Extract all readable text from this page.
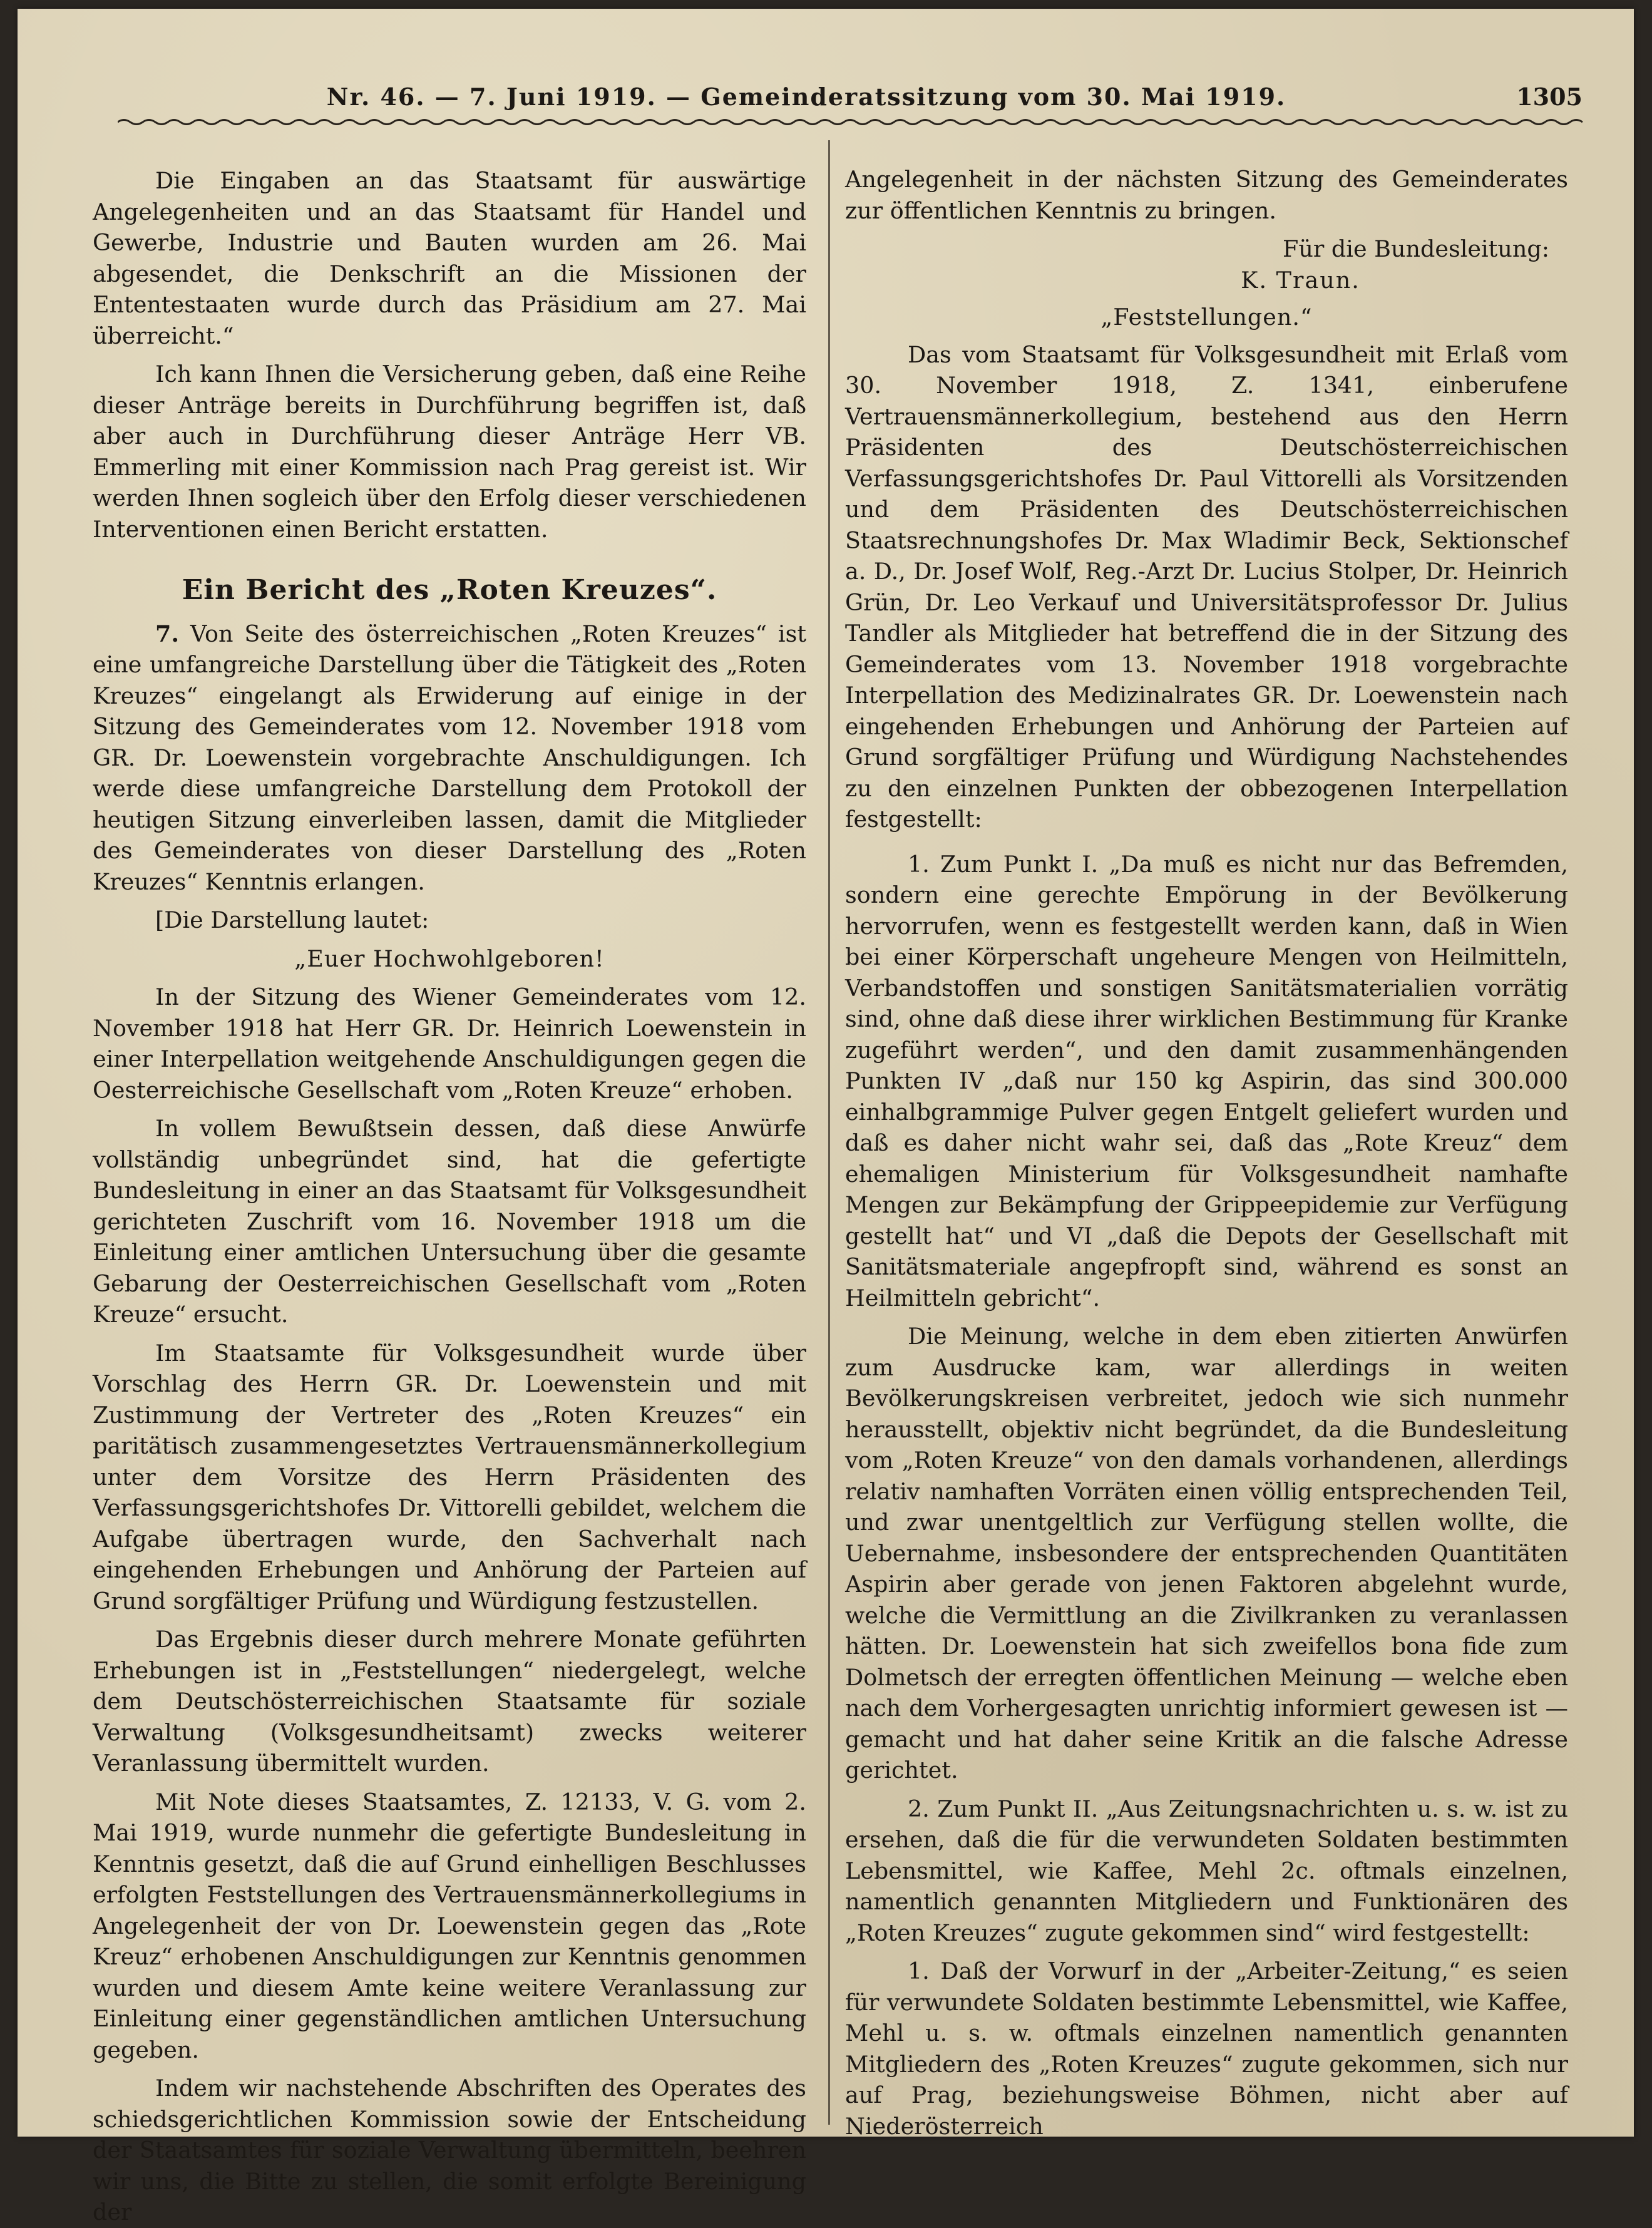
Nr. 46. — 7. Juni 1919. — Gemeinderatssitzung vom 30. Mai 1919.	1305

Die Eingaben an das Staatsamt für auswärtige Angelegenheiten und an das Staatsamt für Handel und Gewerbe, Industrie und Bauten wurden am 26. Mai abgesendet, die Denkschrift an die Missionen der Ententestaaten wurde durch das Präsidium am 27. Mai überreicht.“

Ich kann Ihnen die Versicherung geben, daß eine Reihe dieser Anträge bereits in Durchführung begriffen ist, daß aber auch in Durchführung dieser Anträge Herr VB. Emmerling mit einer Kommission nach Prag gereist ist. Wir werden Ihnen sogleich über den Erfolg dieser verschiedenen Interventionen einen Bericht erstatten.

Ein Bericht des „Roten Kreuzes“.

7. Von Seite des österreichischen „Roten Kreuzes“ ist eine umfangreiche Darstellung über die Tätigkeit des „Roten Kreuzes“ eingelangt als Erwiderung auf einige in der Sitzung des Gemeinderates vom 12. November 1918 vom GR. Dr. Loewenstein vorgebrachte Anschuldigungen. Ich werde diese umfangreiche Darstellung dem Protokoll der heutigen Sitzung einverleiben lassen, damit die Mitglieder des Gemeinderates von dieser Darstellung des „Roten Kreuzes“ Kenntnis erlangen.

[Die Darstellung lautet:

„Euer Hochwohlgeboren!

In der Sitzung des Wiener Gemeinderates vom 12. November 1918 hat Herr GR. Dr. Heinrich Loewenstein in einer Interpellation weitgehende Anschuldigungen gegen die Oesterreichische Gesellschaft vom „Roten Kreuze“ erhoben.

In vollem Bewußtsein dessen, daß diese Anwürfe vollständig unbegründet sind, hat die gefertigte Bundesleitung in einer an das Staatsamt für Volksgesundheit gerichteten Zuschrift vom 16. November 1918 um die Einleitung einer amtlichen Untersuchung über die gesamte Gebarung der Oesterreichischen Gesellschaft vom „Roten Kreuze“ ersucht.

Im Staatsamte für Volksgesundheit wurde über Vorschlag des Herrn GR. Dr. Loewenstein und mit Zustimmung der Vertreter des „Roten Kreuzes“ ein paritätisch zusammengesetztes Vertrauensmännerkollegium unter dem Vorsitze des Herrn Präsidenten des Verfassungsgerichtshofes Dr. Vittorelli gebildet, welchem die Aufgabe übertragen wurde, den Sachverhalt nach eingehenden Erhebungen und Anhörung der Parteien auf Grund sorgfältiger Prüfung und Würdigung festzustellen.

Das Ergebnis dieser durch mehrere Monate geführten Erhebungen ist in „Feststellungen“ niedergelegt, welche dem Deutschösterreichischen Staatsamte für soziale Verwaltung (Volksgesundheitsamt) zwecks weiterer Veranlassung übermittelt wurden.

Mit Note dieses Staatsamtes, Z. 12133, V. G. vom 2. Mai 1919, wurde nunmehr die gefertigte Bundesleitung in Kenntnis gesetzt, daß die auf Grund einhelligen Beschlusses erfolgten Feststellungen des Vertrauensmännerkollegiums in Angelegenheit der von Dr. Loewenstein gegen das „Rote Kreuz“ erhobenen Anschuldigungen zur Kenntnis genommen wurden und diesem Amte keine weitere Veranlassung zur Einleitung einer gegenständlichen amtlichen Untersuchung gegeben.

Indem wir nachstehende Abschriften des Operates des schiedsgerichtlichen Kommission sowie der Entscheidung der Staatsamtes für soziale Verwaltung übermitteln, beehren wir uns, die Bitte zu stellen, die somit erfolgte Bereinigung der

Angelegenheit in der nächsten Sitzung des Gemeinderates zur öffentlichen Kenntnis zu bringen.

Für die Bundesleitung:
K. Traun.
„Feststellungen.“

Das vom Staatsamt für Volksgesundheit mit Erlaß vom 30. November 1918, Z. 1341, einberufene Vertrauensmännerkollegium, bestehend aus den Herrn Präsidenten des Deutschösterreichischen Verfassungsgerichtshofes Dr. Paul Vittorelli als Vorsitzenden und dem Präsidenten des Deutschösterreichischen Staatsrechnungshofes Dr. Max Wladimir Beck, Sektionschef a. D., Dr. Josef Wolf, Reg.-Arzt Dr. Lucius Stolper, Dr. Heinrich Grün, Dr. Leo Verkauf und Universitätsprofessor Dr. Julius Tandler als Mitglieder hat betreffend die in der Sitzung des Gemeinderates vom 13. November 1918 vorgebrachte Interpellation des Medizinalrates GR. Dr. Loewenstein nach eingehenden Erhebungen und Anhörung der Parteien auf Grund sorgfältiger Prüfung und Würdigung Nachstehendes zu den einzelnen Punkten der obbezogenen Interpellation festgestellt:

1. Zum Punkt I. „Da muß es nicht nur das Befremden, sondern eine gerechte Empörung in der Bevölkerung hervorrufen, wenn es festgestellt werden kann, daß in Wien bei einer Körperschaft ungeheure Mengen von Heilmitteln, Verbandstoffen und sonstigen Sanitätsmaterialien vorrätig sind, ohne daß diese ihrer wirklichen Bestimmung für Kranke zugeführt werden“, und den damit zusammenhängenden Punkten IV „daß nur 150 kg Aspirin, das sind 300.000 einhalbgrammige Pulver gegen Entgelt geliefert wurden und daß es daher nicht wahr sei, daß das „Rote Kreuz“ dem ehemaligen Ministerium für Volksgesundheit namhafte Mengen zur Bekämpfung der Grippeepidemie zur Verfügung gestellt hat“ und VI „daß die Depots der Gesellschaft mit Sanitätsmateriale angepfropft sind, während es sonst an Heilmitteln gebricht“.

Die Meinung, welche in dem eben zitierten Anwürfen zum Ausdrucke kam, war allerdings in weiten Bevölkerungskreisen verbreitet, jedoch wie sich nunmehr herausstellt, objektiv nicht begründet, da die Bundesleitung vom „Roten Kreuze“ von den damals vorhandenen, allerdings relativ namhaften Vorräten einen völlig entsprechenden Teil, und zwar unentgeltlich zur Verfügung stellen wollte, die Uebernahme, insbesondere der entsprechenden Quantitäten Aspirin aber gerade von jenen Faktoren abgelehnt wurde, welche die Vermittlung an die Zivilkranken zu veranlassen hätten. Dr. Loewenstein hat sich zweifellos bona fide zum Dolmetsch der erregten öffentlichen Meinung — welche eben nach dem Vorhergesagten unrichtig informiert gewesen ist — gemacht und hat daher seine Kritik an die falsche Adresse gerichtet.

2. Zum Punkt II. „Aus Zeitungsnachrichten u. s. w. ist zu ersehen, daß die für die verwundeten Soldaten bestimmten Lebensmittel, wie Kaffee, Mehl 2c. oftmals einzelnen, namentlich genannten Mitgliedern und Funktionären des „Roten Kreuzes“ zugute gekommen sind“ wird festgestellt:

1. Daß der Vorwurf in der „Arbeiter-Zeitung,“ es seien für verwundete Soldaten bestimmte Lebensmittel, wie Kaffee, Mehl u. s. w. oftmals einzelnen namentlich genannten Mitgliedern des „Roten Kreuzes“ zugute gekommen, sich nur auf Prag, beziehungsweise Böhmen, nicht aber auf Niederösterreich
